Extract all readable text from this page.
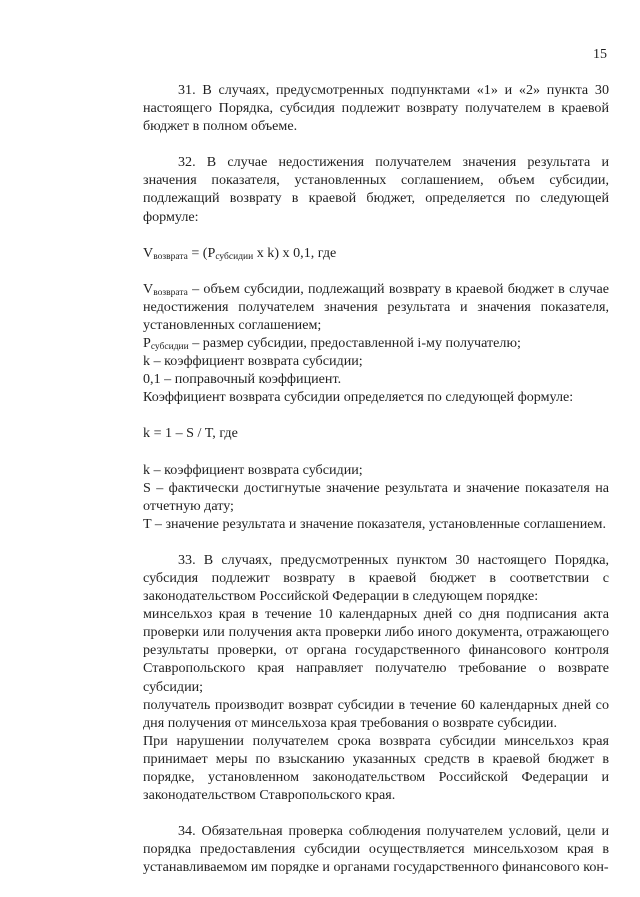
15

31. В случаях, предусмотренных подпунктами «1» и «2» пункта 30 настоящего Порядка, субсидия подлежит возврату получателем в краевой бюджет в полном объеме.

32. В случае недостижения получателем значения результата и значения показателя, установленных соглашением, объем субсидии, подлежащий возврату в краевой бюджет, определяется по следующей формуле:

$V_{возврата} = (P_{субсидии}$ x k) x 0,1, где

$V_{возврата}$ – объем субсидии, подлежащий возврату в краевой бюджет в случае недостижения получателем значения результата и значения показателя, установленных соглашением;

$P_{субсидии}$ – размер субсидии, предоставленной i-му получателю;

k – коэффициент возврата субсидии;

0,1 – поправочный коэффициент.

Коэффициент возврата субсидии определяется по следующей формуле:

k = 1 – S / T, где

k – коэффициент возврата субсидии;

S – фактически достигнутые значение результата и значение показателя на отчетную дату;

T – значение результата и значение показателя, установленные соглашением.

33. В случаях, предусмотренных пунктом 30 настоящего Порядка, субсидия подлежит возврату в краевой бюджет в соответствии с законодательством Российской Федерации в следующем порядке:

минсельхоз края в течение 10 календарных дней со дня подписания акта проверки или получения акта проверки либо иного документа, отражающего результаты проверки, от органа государственного финансового контроля Ставропольского края направляет получателю требование о возврате субсидии;

получатель производит возврат субсидии в течение 60 календарных дней со дня получения от минсельхоза края требования о возврате субсидии.

При нарушении получателем срока возврата субсидии минсельхоз края принимает меры по взысканию указанных средств в краевой бюджет в порядке, установленном законодательством Российской Федерации и законодательством Ставропольского края.

34. Обязательная проверка соблюдения получателем условий, цели и порядка предоставления субсидии осуществляется минсельхозом края в устанавливаемом им порядке и органами государственного финансового кон-
